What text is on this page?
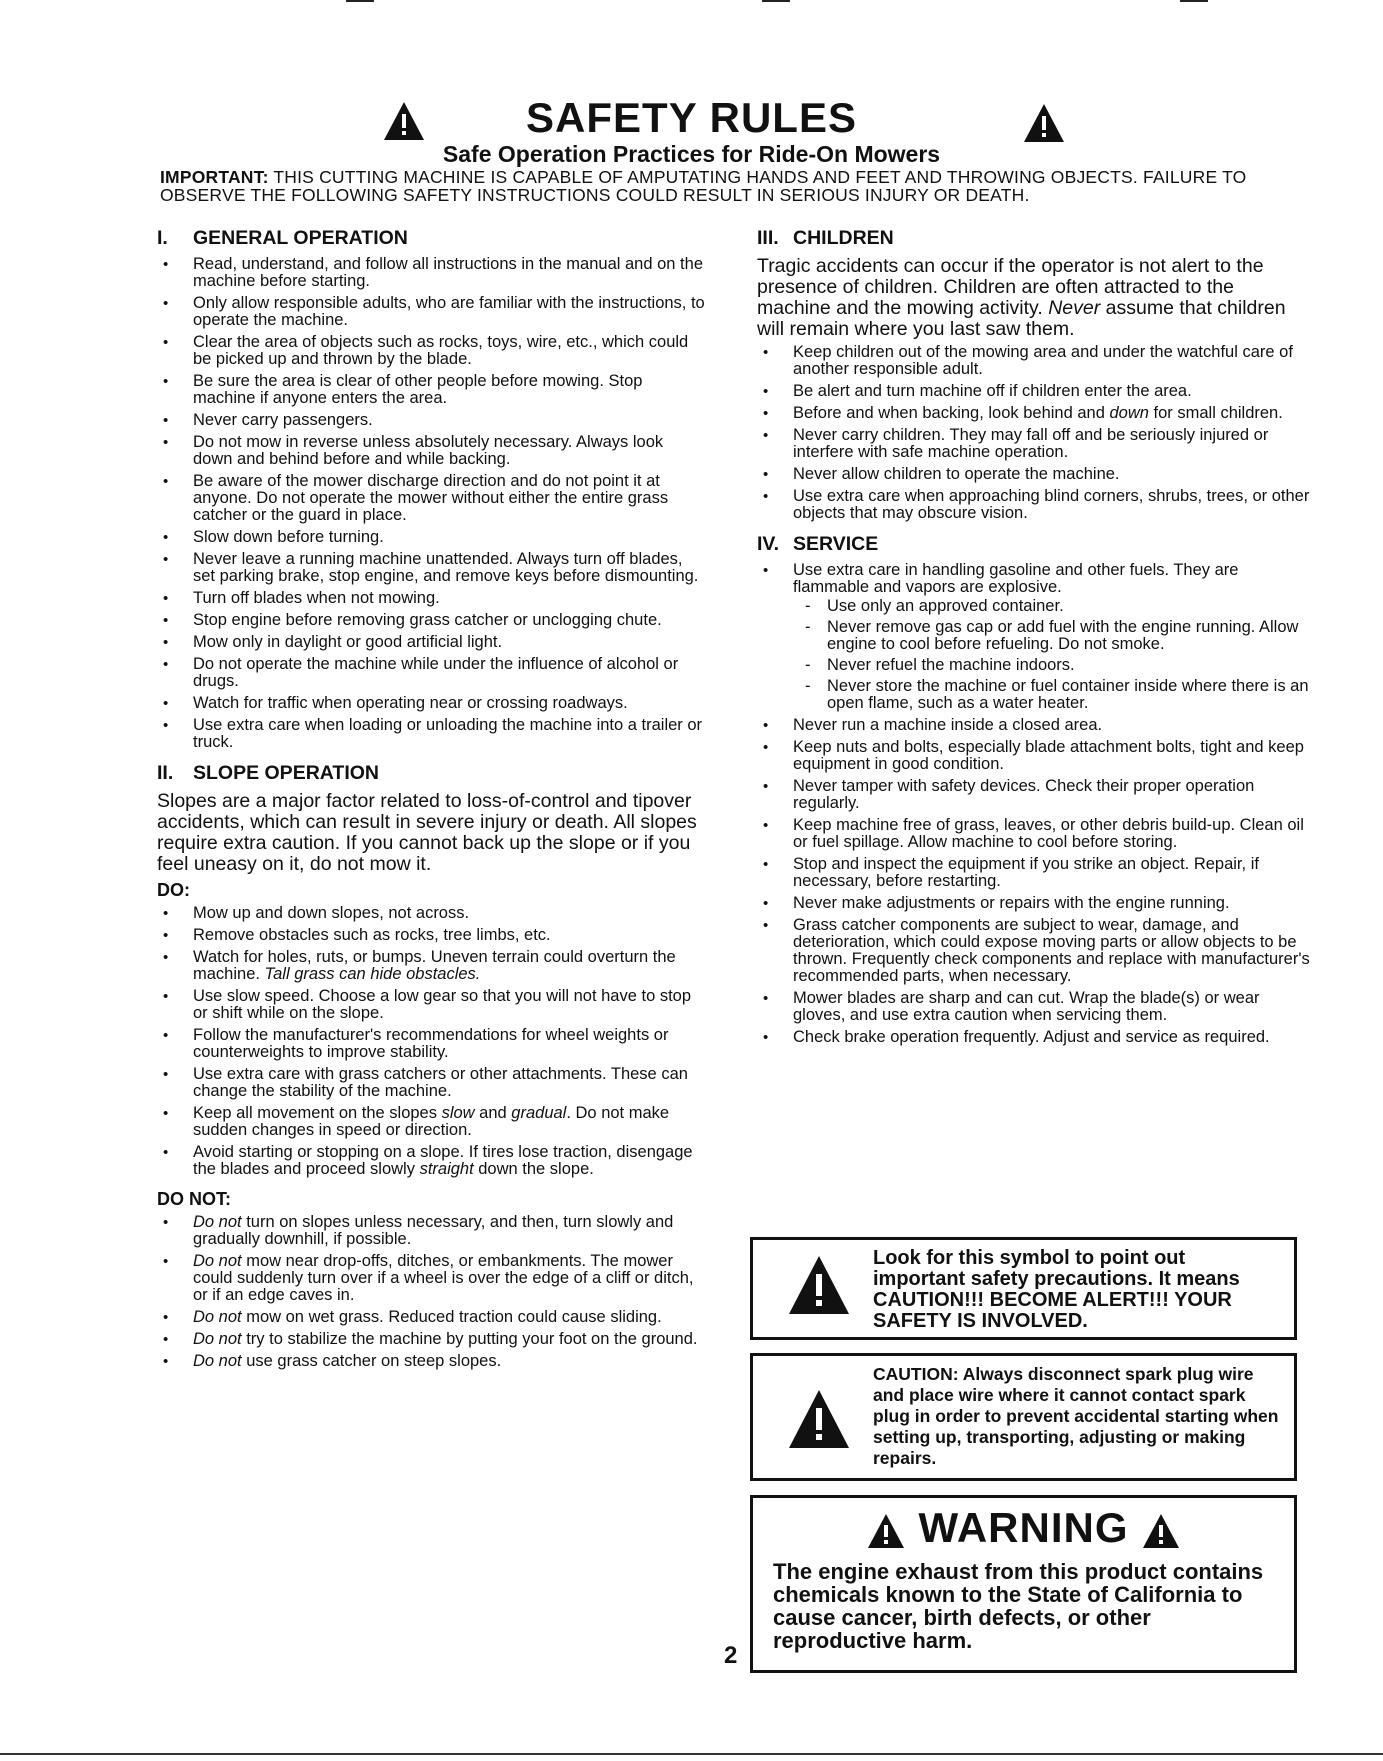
SAFETY RULES
Safe Operation Practices for Ride-On Mowers
IMPORTANT: THIS CUTTING MACHINE IS CAPABLE OF AMPUTATING HANDS AND FEET AND THROWING OBJECTS. FAILURE TO OBSERVE THE FOLLOWING SAFETY INSTRUCTIONS COULD RESULT IN SERIOUS INJURY OR DEATH.
I. GENERAL OPERATION
• Read, understand, and follow all instructions in the manual and on the machine before starting.
• Only allow responsible adults, who are familiar with the instructions, to operate the machine.
• Clear the area of objects such as rocks, toys, wire, etc., which could be picked up and thrown by the blade.
• Be sure the area is clear of other people before mowing. Stop machine if anyone enters the area.
• Never carry passengers.
• Do not mow in reverse unless absolutely necessary. Always look down and behind before and while backing.
• Be aware of the mower discharge direction and do not point it at anyone. Do not operate the mower without either the entire grass catcher or the guard in place.
• Slow down before turning.
• Never leave a running machine unattended. Always turn off blades, set parking brake, stop engine, and remove keys before dismounting.
• Turn off blades when not mowing.
• Stop engine before removing grass catcher or unclogging chute.
• Mow only in daylight or good artificial light.
• Do not operate the machine while under the influence of alcohol or drugs.
• Watch for traffic when operating near or crossing roadways.
• Use extra care when loading or unloading the machine into a trailer or truck.
II. SLOPE OPERATION

Slopes are a major factor related to loss-of-control and tipover accidents, which can result in severe injury or death. All slopes require extra caution. If you cannot back up the slope or if you feel uneasy on it, do not mow it.

DO:
• Mow up and down slopes, not across.
• Remove obstacles such as rocks, tree limbs, etc.
• Watch for holes, ruts, or bumps. Uneven terrain could overturn the machine. Tall grass can hide obstacles.
• Use slow speed. Choose a low gear so that you will not have to stop or shift while on the slope.
• Follow the manufacturer's recommendations for wheel weights or counterweights to improve stability.
• Use extra care with grass catchers or other attachments. These can change the stability of the machine.
• Keep all movement on the slopes slow and gradual. Do not make sudden changes in speed or direction.
• Avoid starting or stopping on a slope. If tires lose traction, disengage the blades and proceed slowly straight down the slope.
DO NOT:
• Do not turn on slopes unless necessary, and then, turn slowly and gradually downhill, if possible.
• Do not mow near drop-offs, ditches, or embankments. The mower could suddenly turn over if a wheel is over the edge of a cliff or ditch, or if an edge caves in.
• Do not mow on wet grass. Reduced traction could cause sliding.
• Do not try to stabilize the machine by putting your foot on the ground.
• Do not use grass catcher on steep slopes.
III. CHILDREN

Tragic accidents can occur if the operator is not alert to the presence of children. Children are often attracted to the machine and the mowing activity. Never assume that children will remain where you last saw them.

• Keep children out of the mowing area and under the watchful care of another responsible adult.
• Be alert and turn machine off if children enter the area.
• Before and when backing, look behind and down for small children.
• Never carry children. They may fall off and be seriously injured or interfere with safe machine operation.
• Never allow children to operate the machine.
• Use extra care when approaching blind corners, shrubs, trees, or other objects that may obscure vision.
IV. SERVICE
• Use extra care in handling gasoline and other fuels. They are flammable and vapors are explosive.
- Use only an approved container.
- Never remove gas cap or add fuel with the engine running. Allow engine to cool before refueling. Do not smoke.
- Never refuel the machine indoors.
- Never store the machine or fuel container inside where there is an open flame, such as a water heater.
• Never run a machine inside a closed area.
• Keep nuts and bolts, especially blade attachment bolts, tight and keep equipment in good condition.
• Never tamper with safety devices. Check their proper operation regularly.
• Keep machine free of grass, leaves, or other debris build-up. Clean oil or fuel spillage. Allow machine to cool before storing.
• Stop and inspect the equipment if you strike an object. Repair, if necessary, before restarting.
• Never make adjustments or repairs with the engine running.
• Grass catcher components are subject to wear, damage, and deterioration, which could expose moving parts or allow objects to be thrown. Frequently check components and replace with manufacturer's recommended parts, when necessary.
• Mower blades are sharp and can cut. Wrap the blade(s) or wear gloves, and use extra caution when servicing them.
• Check brake operation frequently. Adjust and service as required.
Look for this symbol to point out important safety precautions. It means CAUTION!!! BECOME ALERT!!! YOUR SAFETY IS INVOLVED.
CAUTION: Always disconnect spark plug wire and place wire where it cannot contact spark plug in order to prevent accidental starting when setting up, transporting, adjusting or making repairs.
WARNING
The engine exhaust from this product contains chemicals known to the State of California to cause cancer, birth defects, or other reproductive harm.
2
